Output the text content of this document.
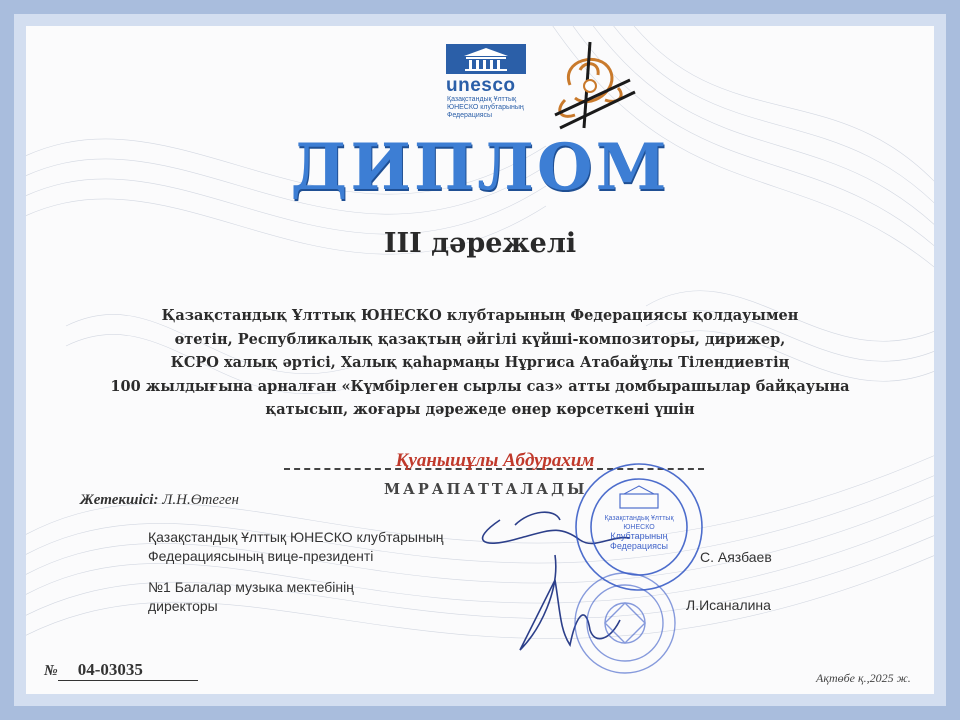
unesco
Қазақстандық Ұлттық
ЮНЕСКО клубтарының
Федерациясы
ДИПЛОМ
ІІІ дәрежелі
Қазақстандық Ұлттық ЮНЕСКО клубтарының Федерациясы қолдауымен
өтетін, Республикалық қазақтың әйгілі күйші-композиторы, дирижер,
КСРО халық әртісі, Халық қаһармаңы Нұргиса Атабайұлы Тілендиевтің
100 жылдығына арналған «Күмбірлеген сырлы саз» атты домбырашылар байқауына
қатысып, жоғары дәрежеде өнер көрсеткені үшін
Қуанышұлы Абдурахим
МАРАПАТТАЛАДЫ
Жетекшісі: Л.Н.Өтеген
Қазақстандық Ұлттық ЮНЕСКО клубтарының
Федерациясының вице-президенті
№1 Балалар музыка мектебінің
директоры
Қазақстандық Ұлттық
ЮНЕСКО
Клубтарының
Федерациясы
С. Аязбаев
Л.Исаналина
№ 04-03035	Ақтөбе қ.,2025 ж.
